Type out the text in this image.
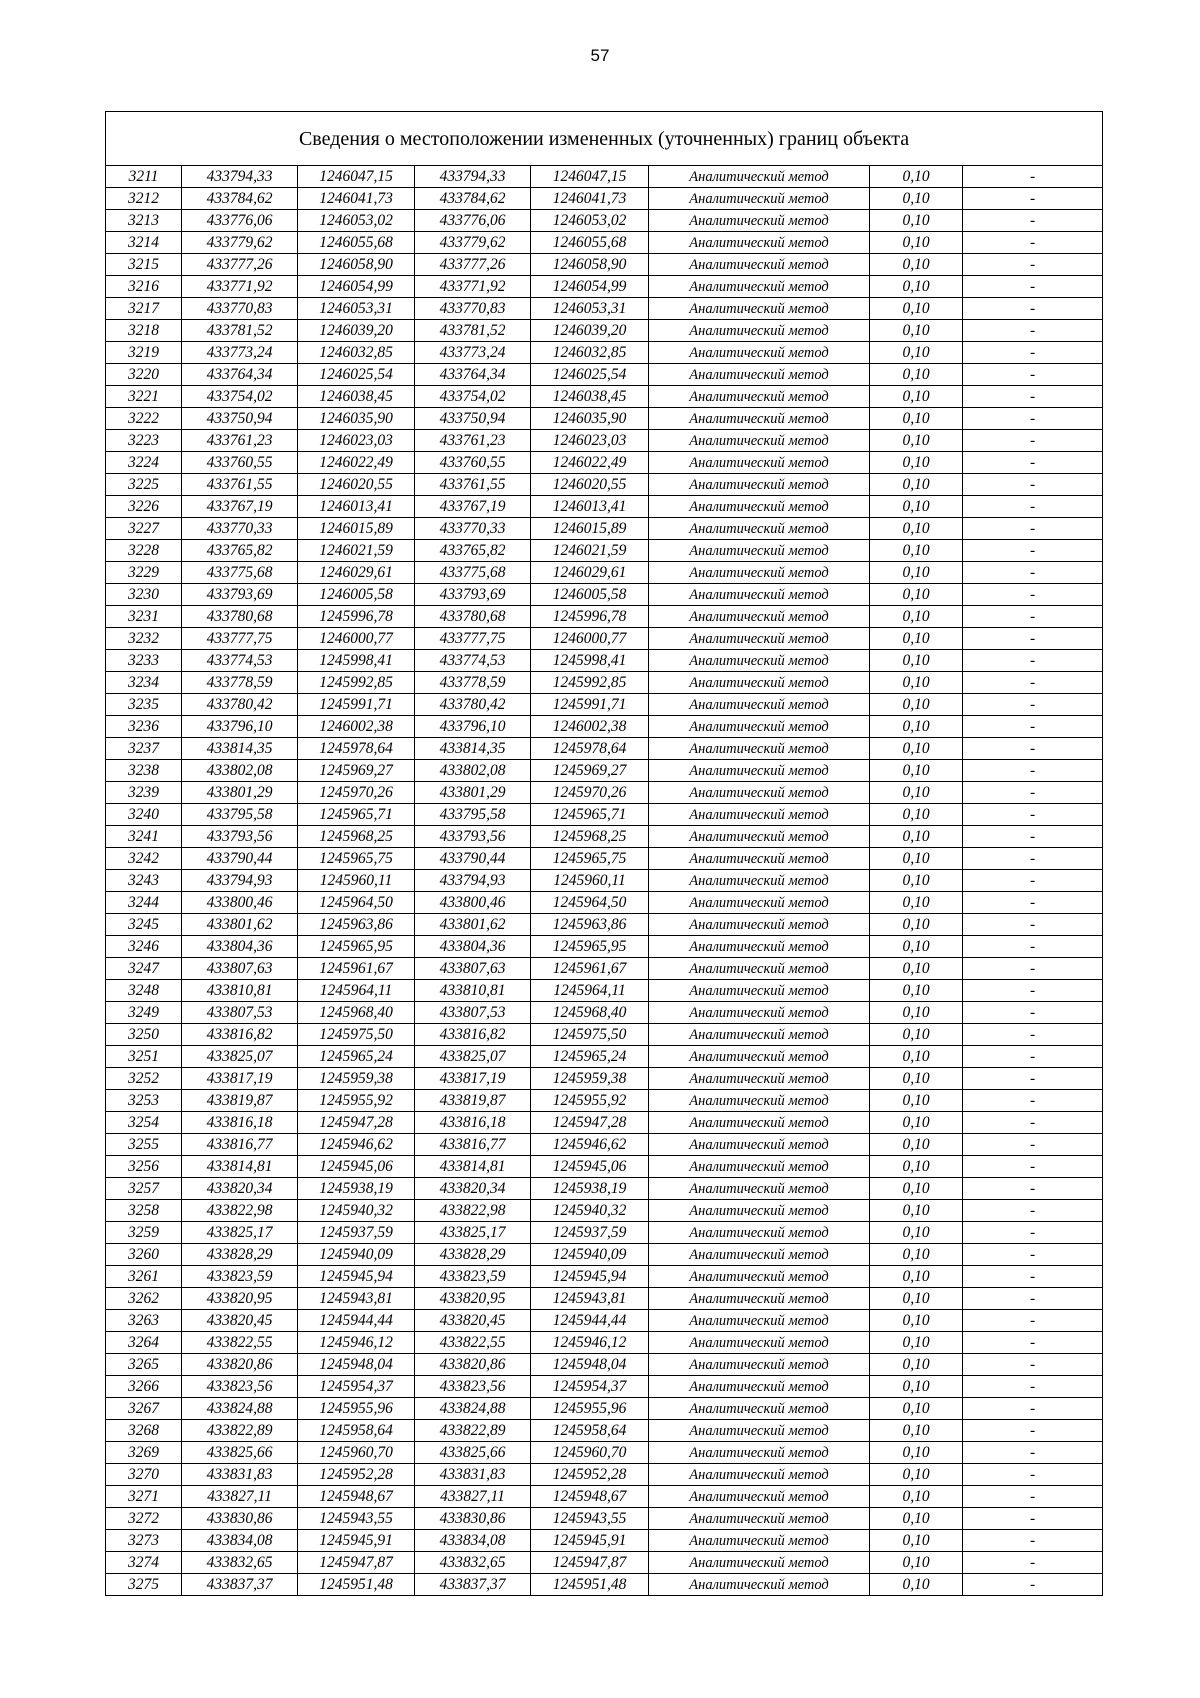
57
Сведения о местоположении измененных (уточненных) границ объекта							
3211	433794,33	1246047,15	433794,33	1246047,15	Аналитический метод	0,10	-
3212	433784,62	1246041,73	433784,62	1246041,73	Аналитический метод	0,10	-
3213	433776,06	1246053,02	433776,06	1246053,02	Аналитический метод	0,10	-
3214	433779,62	1246055,68	433779,62	1246055,68	Аналитический метод	0,10	-
3215	433777,26	1246058,90	433777,26	1246058,90	Аналитический метод	0,10	-
3216	433771,92	1246054,99	433771,92	1246054,99	Аналитический метод	0,10	-
3217	433770,83	1246053,31	433770,83	1246053,31	Аналитический метод	0,10	-
3218	433781,52	1246039,20	433781,52	1246039,20	Аналитический метод	0,10	-
3219	433773,24	1246032,85	433773,24	1246032,85	Аналитический метод	0,10	-
3220	433764,34	1246025,54	433764,34	1246025,54	Аналитический метод	0,10	-
3221	433754,02	1246038,45	433754,02	1246038,45	Аналитический метод	0,10	-
3222	433750,94	1246035,90	433750,94	1246035,90	Аналитический метод	0,10	-
3223	433761,23	1246023,03	433761,23	1246023,03	Аналитический метод	0,10	-
3224	433760,55	1246022,49	433760,55	1246022,49	Аналитический метод	0,10	-
3225	433761,55	1246020,55	433761,55	1246020,55	Аналитический метод	0,10	-
3226	433767,19	1246013,41	433767,19	1246013,41	Аналитический метод	0,10	-
3227	433770,33	1246015,89	433770,33	1246015,89	Аналитический метод	0,10	-
3228	433765,82	1246021,59	433765,82	1246021,59	Аналитический метод	0,10	-
3229	433775,68	1246029,61	433775,68	1246029,61	Аналитический метод	0,10	-
3230	433793,69	1246005,58	433793,69	1246005,58	Аналитический метод	0,10	-
3231	433780,68	1245996,78	433780,68	1245996,78	Аналитический метод	0,10	-
3232	433777,75	1246000,77	433777,75	1246000,77	Аналитический метод	0,10	-
3233	433774,53	1245998,41	433774,53	1245998,41	Аналитический метод	0,10	-
3234	433778,59	1245992,85	433778,59	1245992,85	Аналитический метод	0,10	-
3235	433780,42	1245991,71	433780,42	1245991,71	Аналитический метод	0,10	-
3236	433796,10	1246002,38	433796,10	1246002,38	Аналитический метод	0,10	-
3237	433814,35	1245978,64	433814,35	1245978,64	Аналитический метод	0,10	-
3238	433802,08	1245969,27	433802,08	1245969,27	Аналитический метод	0,10	-
3239	433801,29	1245970,26	433801,29	1245970,26	Аналитический метод	0,10	-
3240	433795,58	1245965,71	433795,58	1245965,71	Аналитический метод	0,10	-
3241	433793,56	1245968,25	433793,56	1245968,25	Аналитический метод	0,10	-
3242	433790,44	1245965,75	433790,44	1245965,75	Аналитический метод	0,10	-
3243	433794,93	1245960,11	433794,93	1245960,11	Аналитический метод	0,10	-
3244	433800,46	1245964,50	433800,46	1245964,50	Аналитический метод	0,10	-
3245	433801,62	1245963,86	433801,62	1245963,86	Аналитический метод	0,10	-
3246	433804,36	1245965,95	433804,36	1245965,95	Аналитический метод	0,10	-
3247	433807,63	1245961,67	433807,63	1245961,67	Аналитический метод	0,10	-
3248	433810,81	1245964,11	433810,81	1245964,11	Аналитический метод	0,10	-
3249	433807,53	1245968,40	433807,53	1245968,40	Аналитический метод	0,10	-
3250	433816,82	1245975,50	433816,82	1245975,50	Аналитический метод	0,10	-
3251	433825,07	1245965,24	433825,07	1245965,24	Аналитический метод	0,10	-
3252	433817,19	1245959,38	433817,19	1245959,38	Аналитический метод	0,10	-
3253	433819,87	1245955,92	433819,87	1245955,92	Аналитический метод	0,10	-
3254	433816,18	1245947,28	433816,18	1245947,28	Аналитический метод	0,10	-
3255	433816,77	1245946,62	433816,77	1245946,62	Аналитический метод	0,10	-
3256	433814,81	1245945,06	433814,81	1245945,06	Аналитический метод	0,10	-
3257	433820,34	1245938,19	433820,34	1245938,19	Аналитический метод	0,10	-
3258	433822,98	1245940,32	433822,98	1245940,32	Аналитический метод	0,10	-
3259	433825,17	1245937,59	433825,17	1245937,59	Аналитический метод	0,10	-
3260	433828,29	1245940,09	433828,29	1245940,09	Аналитический метод	0,10	-
3261	433823,59	1245945,94	433823,59	1245945,94	Аналитический метод	0,10	-
3262	433820,95	1245943,81	433820,95	1245943,81	Аналитический метод	0,10	-
3263	433820,45	1245944,44	433820,45	1245944,44	Аналитический метод	0,10	-
3264	433822,55	1245946,12	433822,55	1245946,12	Аналитический метод	0,10	-
3265	433820,86	1245948,04	433820,86	1245948,04	Аналитический метод	0,10	-
3266	433823,56	1245954,37	433823,56	1245954,37	Аналитический метод	0,10	-
3267	433824,88	1245955,96	433824,88	1245955,96	Аналитический метод	0,10	-
3268	433822,89	1245958,64	433822,89	1245958,64	Аналитический метод	0,10	-
3269	433825,66	1245960,70	433825,66	1245960,70	Аналитический метод	0,10	-
3270	433831,83	1245952,28	433831,83	1245952,28	Аналитический метод	0,10	-
3271	433827,11	1245948,67	433827,11	1245948,67	Аналитический метод	0,10	-
3272	433830,86	1245943,55	433830,86	1245943,55	Аналитический метод	0,10	-
3273	433834,08	1245945,91	433834,08	1245945,91	Аналитический метод	0,10	-
3274	433832,65	1245947,87	433832,65	1245947,87	Аналитический метод	0,10	-
3275	433837,37	1245951,48	433837,37	1245951,48	Аналитический метод	0,10	-
